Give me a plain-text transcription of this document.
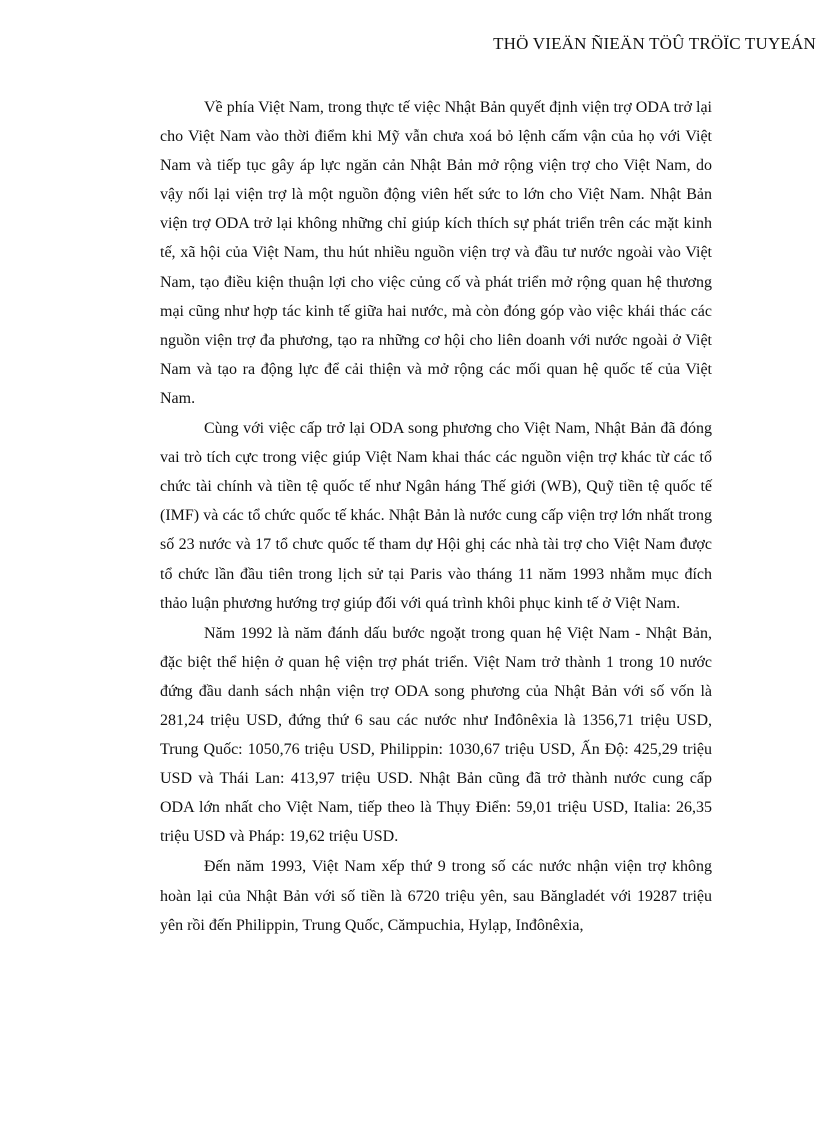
THÖ VIEÄN ÑIEÄN TÖÛ TRÖÏC TUYEÁN

Về phía Việt Nam, trong thực tế việc Nhật Bản quyết định viện trợ ODA trở lại cho Việt Nam vào thời điểm khi Mỹ vẫn chưa xoá bỏ lệnh cấm vận của họ với Việt Nam và tiếp tục gây áp lực ngăn cản Nhật Bản mở rộng viện trợ cho Việt Nam, do vậy nối lại viện trợ là một nguồn động viên hết sức to lớn cho Việt Nam. Nhật Bản viện trợ ODA trở lại không những chỉ giúp kích thích sự phát triển trên các mặt kinh tế, xã hội của Việt Nam, thu hút nhiều nguồn viện trợ và đầu tư nước ngoài vào Việt Nam, tạo điều kiện thuận lợi cho việc củng cố và phát triển mở rộng quan hệ thương mại cũng như hợp tác kinh tế giữa hai nước, mà còn đóng góp vào việc khái thác các nguồn viện trợ đa phương, tạo ra những cơ hội cho liên doanh với nước ngoài ở Việt Nam và tạo ra động lực để cải thiện và mở rộng các mối quan hệ quốc tế của Việt Nam.

Cùng với việc cấp trở lại ODA song phương cho Việt Nam, Nhật Bản đã đóng vai trò tích cực trong việc giúp Việt Nam khai thác các nguồn viện trợ khác từ các tổ chức tài chính và tiền tệ quốc tế như Ngân háng Thế giới (WB), Quỹ tiền tệ quốc tế (IMF) và các tổ chức quốc tế khác. Nhật Bản là nước cung cấp viện trợ lớn nhất trong số 23 nước và 17 tổ chưc quốc tế tham dự Hội ghị các nhà tài trợ cho Việt Nam được tổ chức lần đầu tiên trong lịch sử tại Paris vào tháng 11 năm 1993 nhằm mục đích thảo luận phương hướng trợ giúp đối với quá trình khôi phục kinh tế ở Việt Nam.

Năm 1992 là năm đánh dấu bước ngoặt trong quan hệ Việt Nam - Nhật Bản, đặc biệt thể hiện ở quan hệ viện trợ phát triển. Việt Nam trở thành 1 trong 10 nước đứng đầu danh sách nhận viện trợ ODA song phương của Nhật Bản với số vốn là 281,24 triệu USD, đứng thứ 6 sau các nước như Inđônêxia là 1356,71 triệu USD, Trung Quốc: 1050,76 triệu USD, Philippin: 1030,67 triệu USD, Ấn Độ: 425,29 triệu USD và Thái Lan: 413,97 triệu USD. Nhật Bản cũng đã trở thành nước cung cấp ODA lớn nhất cho Việt Nam, tiếp theo là Thụy Điển: 59,01 triệu USD, Italia: 26,35 triệu USD và Pháp: 19,62 triệu USD.

Đến năm 1993, Việt Nam xếp thứ 9 trong số các nước nhận viện trợ không hoàn lại của Nhật Bản với số tiền là 6720 triệu yên, sau Băngladét với 19287 triệu yên rồi đến Philippin, Trung Quốc, Cămpuchia, Hylạp, Inđônêxia,
